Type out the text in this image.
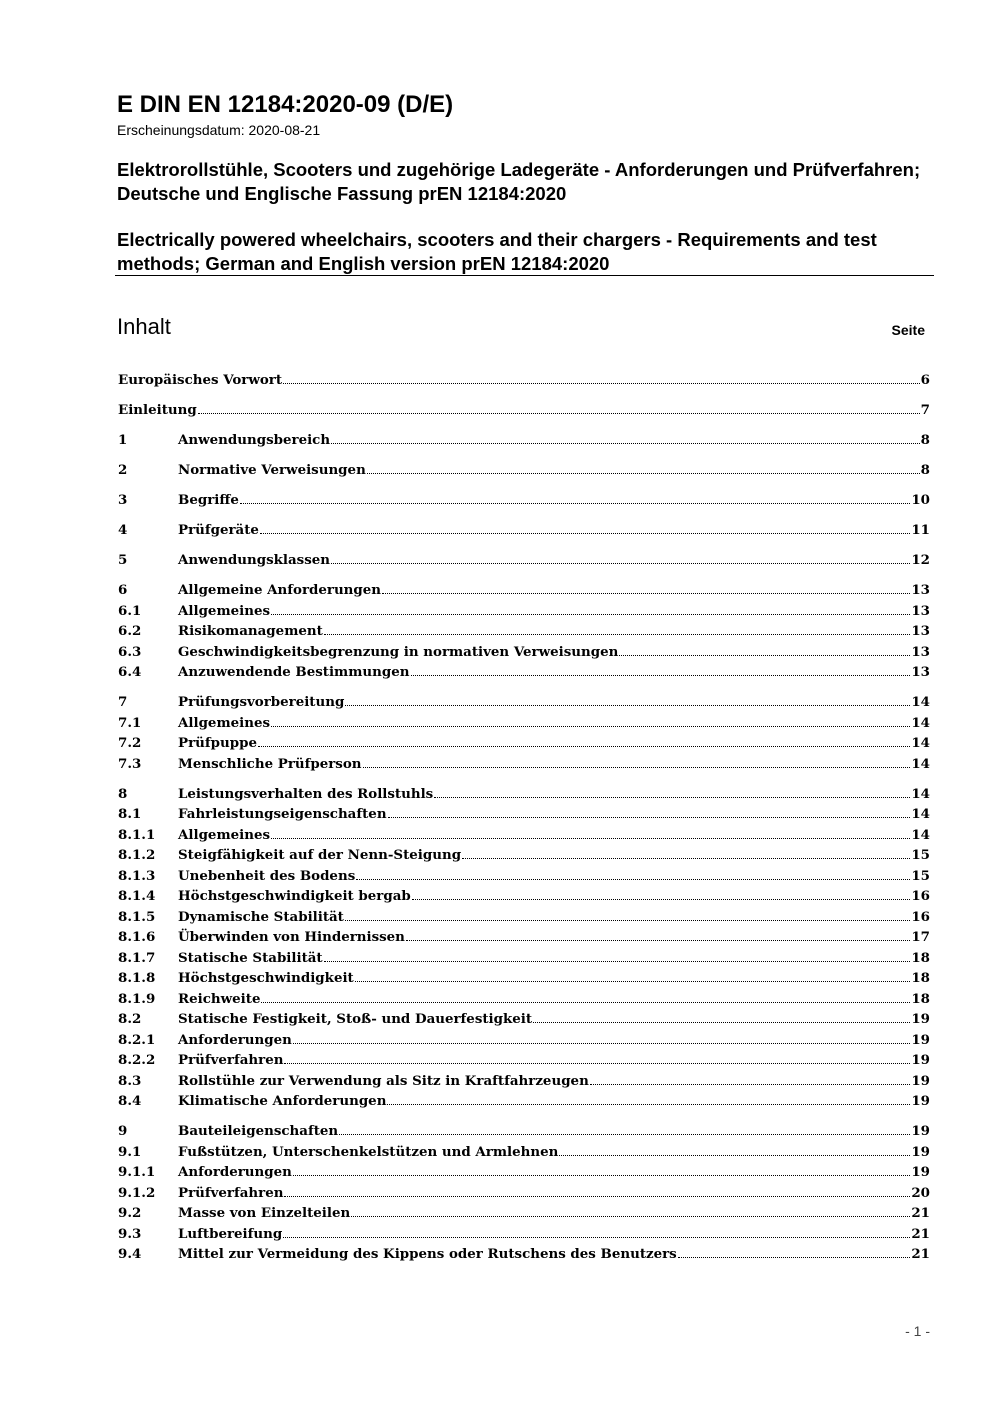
E DIN EN 12184:2020-09 (D/E)
Erscheinungsdatum: 2020-08-21
Elektrorollstühle, Scooters und zugehörige Ladegeräte - Anforderungen und Prüfverfahren; Deutsche und Englische Fassung prEN 12184:2020
Electrically powered wheelchairs, scooters and their chargers - Requirements and test methods; German and English version prEN 12184:2020
Inhalt	Seite
Europäisches Vorwort	6
Einleitung	7
1	Anwendungsbereich	8
2	Normative Verweisungen	8
3	Begriffe	10
4	Prüfgeräte	11
5	Anwendungsklassen	12
6	Allgemeine Anforderungen	13
6.1	Allgemeines	13
6.2	Risikomanagement	13
6.3	Geschwindigkeitsbegrenzung in normativen Verweisungen	13
6.4	Anzuwendende Bestimmungen	13
7	Prüfungsvorbereitung	14
7.1	Allgemeines	14
7.2	Prüfpuppe	14
7.3	Menschliche Prüfperson	14
8	Leistungsverhalten des Rollstuhls	14
8.1	Fahrleistungseigenschaften	14
8.1.1	Allgemeines	14
8.1.2	Steigfähigkeit auf der Nenn-Steigung	15
8.1.3	Unebenheit des Bodens	15
8.1.4	Höchstgeschwindigkeit bergab	16
8.1.5	Dynamische Stabilität	16
8.1.6	Überwinden von Hindernissen	17
8.1.7	Statische Stabilität	18
8.1.8	Höchstgeschwindigkeit	18
8.1.9	Reichweite	18
8.2	Statische Festigkeit, Stoß- und Dauerfestigkeit	19
8.2.1	Anforderungen	19
8.2.2	Prüfverfahren	19
8.3	Rollstühle zur Verwendung als Sitz in Kraftfahrzeugen	19
8.4	Klimatische Anforderungen	19
9	Bauteileigenschaften	19
9.1	Fußstützen, Unterschenkelstützen und Armlehnen	19
9.1.1	Anforderungen	19
9.1.2	Prüfverfahren	20
9.2	Masse von Einzelteilen	21
9.3	Luftbereifung	21
9.4	Mittel zur Vermeidung des Kippens oder Rutschens des Benutzers	21
- 1 -
